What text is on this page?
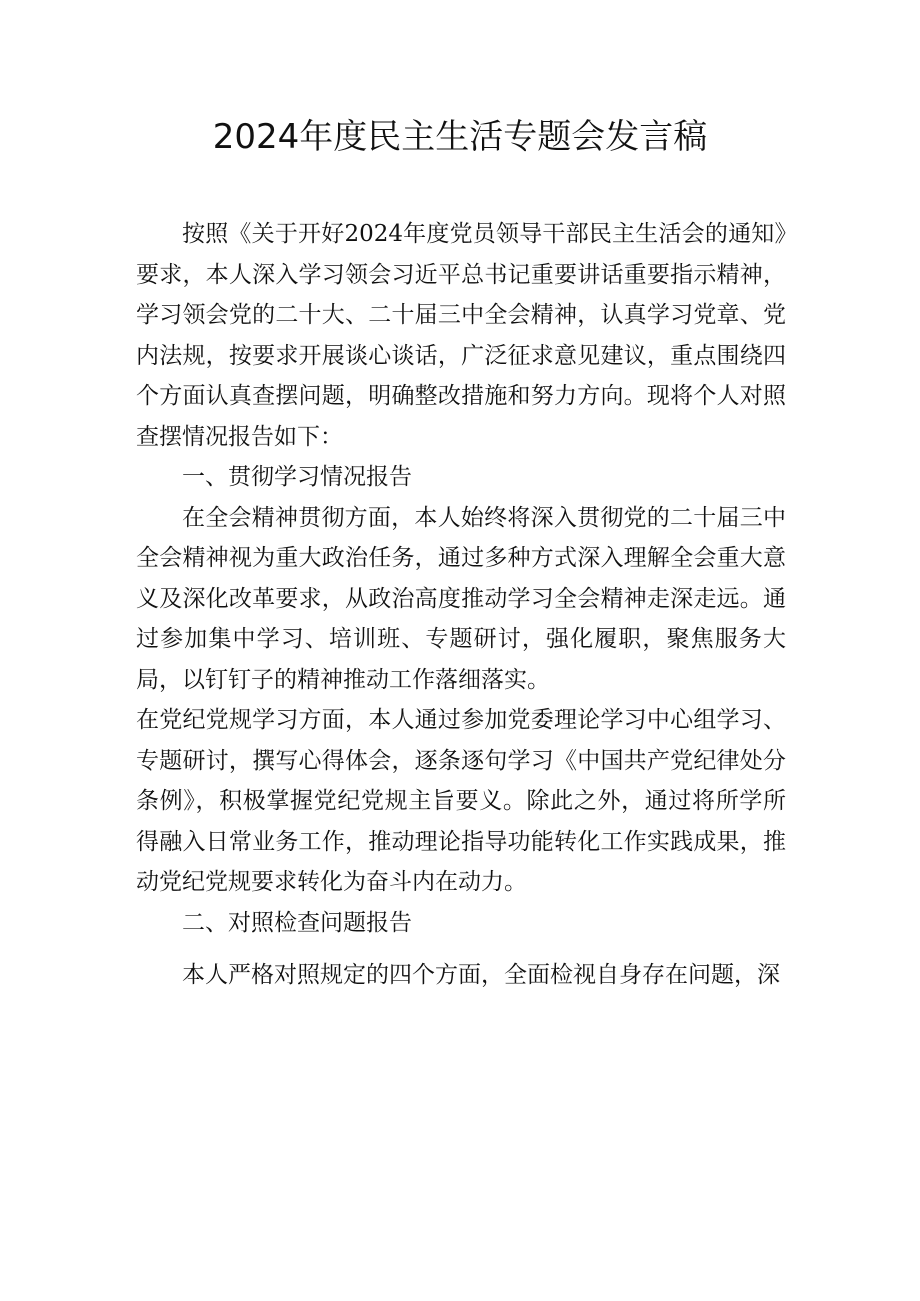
2024年度民主生活专题会发言稿

按照《关于开好2024年度党员领导干部民主生活会的通知》要求，本人深入学习领会习近平总书记重要讲话重要指示精神，学习领会党的二十大、二十届三中全会精神，认真学习党章、党内法规，按要求开展谈心谈话，广泛征求意见建议，重点围绕四个方面认真查摆问题，明确整改措施和努力方向。现将个人对照查摆情况报告如下：

一、贯彻学习情况报告

在全会精神贯彻方面，本人始终将深入贯彻党的二十届三中全会精神视为重大政治任务，通过多种方式深入理解全会重大意义及深化改革要求，从政治高度推动学习全会精神走深走远。通过参加集中学习、培训班、专题研讨，强化履职，聚焦服务大局，以钉钉子的精神推动工作落细落实。

在党纪党规学习方面，本人通过参加党委理论学习中心组学习、专题研讨，撰写心得体会，逐条逐句学习《中国共产党纪律处分条例》，积极掌握党纪党规主旨要义。除此之外，通过将所学所得融入日常业务工作，推动理论指导功能转化工作实践成果，推动党纪党规要求转化为奋斗内在动力。

二、对照检查问题报告

本人严格对照规定的四个方面，全面检视自身存在问题，深
